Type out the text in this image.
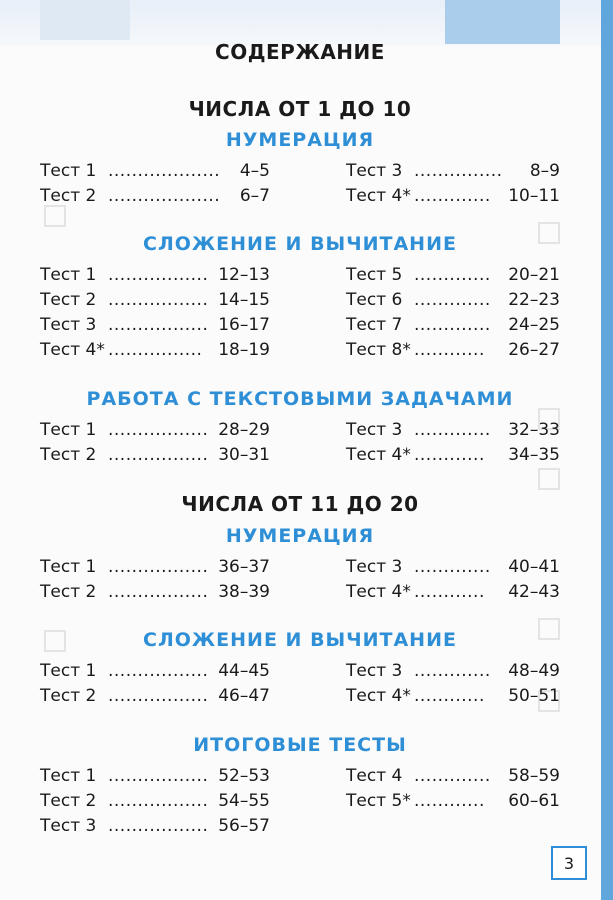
СОДЕРЖАНИЕ
ЧИСЛА ОТ 1 ДО 10
НУМЕРАЦИЯ
Тест 1 ................... 4–5
Тест 2 ................... 6–7
Тест 3 ............... 8–9
Тест 4* ............. 10–11
СЛОЖЕНИЕ И ВЫЧИТАНИЕ
Тест 1 ................. 12–13
Тест 2 ................. 14–15
Тест 3 ................. 16–17
Тест 4* ................ 18–19
Тест 5 ............. 20–21
Тест 6 ............. 22–23
Тест 7 ............. 24–25
Тест 8* ............ 26–27
РАБОТА С ТЕКСТОВЫМИ ЗАДАЧАМИ
Тест 1 ................. 28–29
Тест 2 ................. 30–31
Тест 3 ............. 32–33
Тест 4* ............ 34–35
ЧИСЛА ОТ 11 ДО 20
НУМЕРАЦИЯ
Тест 1 ................. 36–37
Тест 2 ................. 38–39
Тест 3 ............. 40–41
Тест 4* ............ 42–43
СЛОЖЕНИЕ И ВЫЧИТАНИЕ
Тест 1 ................. 44–45
Тест 2 ................. 46–47
Тест 3 ............. 48–49
Тест 4* ............ 50–51
ИТОГОВЫЕ ТЕСТЫ
Тест 1 ................. 52–53
Тест 2 ................. 54–55
Тест 3 ................. 56–57
Тест 4 ............. 58–59
Тест 5* ............ 60–61
3
